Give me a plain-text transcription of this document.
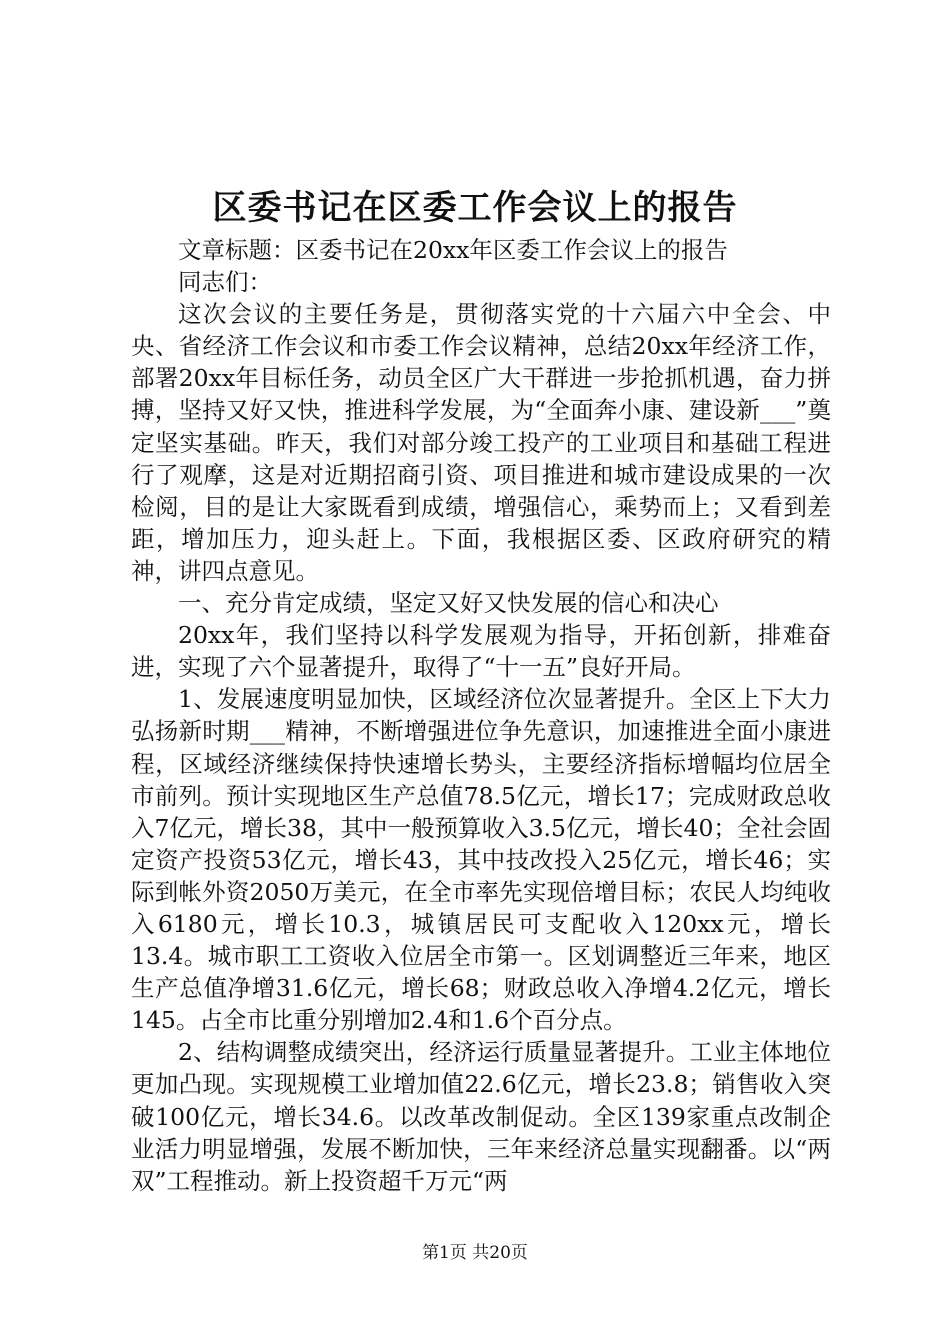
区委书记在区委工作会议上的报告

文章标题：区委书记在20xx年区委工作会议上的报告

同志们：

这次会议的主要任务是，贯彻落实党的十六届六中全会、中央、省经济工作会议和市委工作会议精神，总结20xx年经济工作，部署20xx年目标任务，动员全区广大干群进一步抢抓机遇，奋力拼搏，坚持又好又快，推进科学发展，为“全面奔小康、建设新___”奠定坚实基础。昨天，我们对部分竣工投产的工业项目和基础工程进行了观摩，这是对近期招商引资、项目推进和城市建设成果的一次检阅，目的是让大家既看到成绩，增强信心，乘势而上；又看到差距，增加压力，迎头赶上。下面，我根据区委、区政府研究的精神，讲四点意见。

一、充分肯定成绩，坚定又好又快发展的信心和决心

20xx年，我们坚持以科学发展观为指导，开拓创新，排难奋进，实现了六个显著提升，取得了“十一五”良好开局。

1、发展速度明显加快，区域经济位次显著提升。全区上下大力弘扬新时期___精神，不断增强进位争先意识，加速推进全面小康进程，区域经济继续保持快速增长势头，主要经济指标增幅均位居全市前列。预计实现地区生产总值78.5亿元，增长17；完成财政总收入7亿元，增长38，其中一般预算收入3.5亿元，增长40；全社会固定资产投资53亿元，增长43，其中技改投入25亿元，增长46；实际到帐外资2050万美元，在全市率先实现倍增目标；农民人均纯收入6180元，增长10.3，城镇居民可支配收入120xx元，增长13.4。城市职工工资收入位居全市第一。区划调整近三年来，地区生产总值净增31.6亿元，增长68；财政总收入净增4.2亿元，增长145。占全市比重分别增加2.4和1.6个百分点。

2、结构调整成绩突出，经济运行质量显著提升。工业主体地位更加凸现。实现规模工业增加值22.6亿元，增长23.8；销售收入突破100亿元，增长34.6。以改革改制促动。全区139家重点改制企业活力明显增强，发展不断加快，三年来经济总量实现翻番。以“两双”工程推动。新上投资超千万元“两

第1页 共20页
